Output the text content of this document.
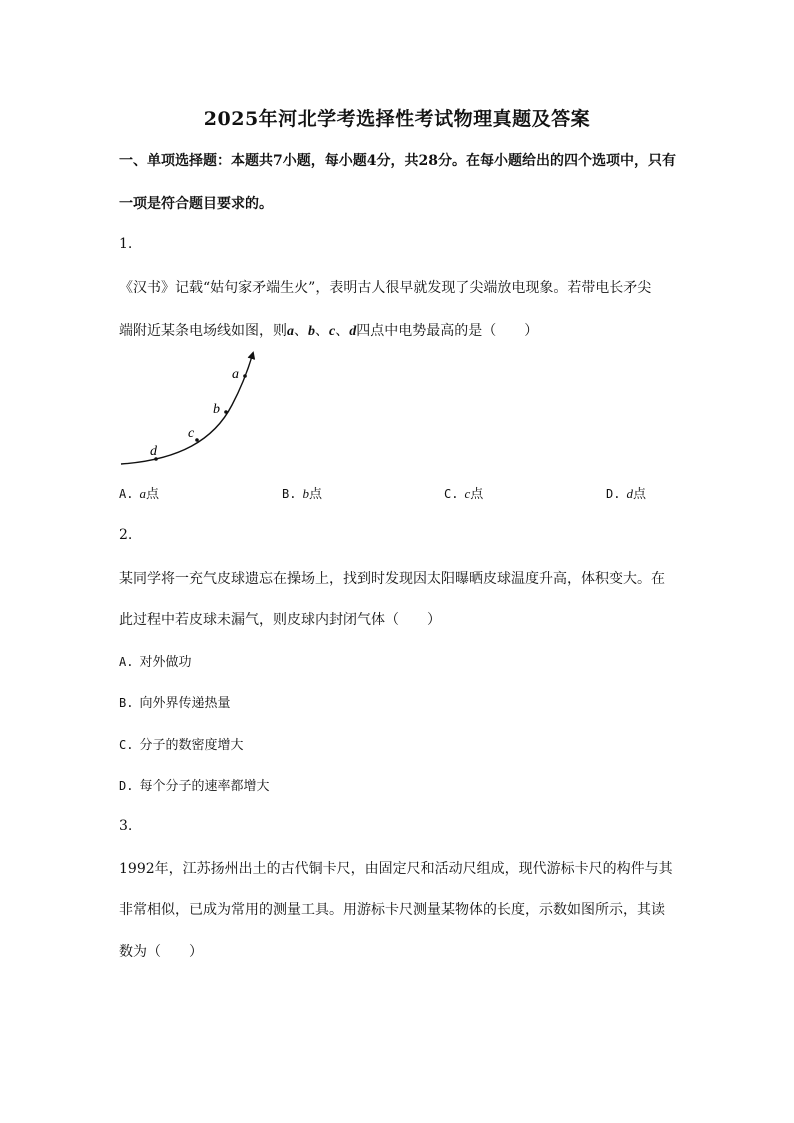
2025年河北学考选择性考试物理真题及答案
一、单项选择题：本题共7小题，每小题4分，共28分。在每小题给出的四个选项中，只有
一项是符合题目要求的。
1.
《汉书》记载“姑句家矛端生火”，表明古人很早就发现了尖端放电现象。若带电长矛尖
端附近某条电场线如图，则a、b、c、d四点中电势最高的是（　　）
a
b
c
d
A. a点	B. b点	C. c点	D. d点
2.
某同学将一充气皮球遗忘在操场上，找到时发现因太阳曝晒皮球温度升高，体积变大。在
此过程中若皮球未漏气，则皮球内封闭气体（　　）
A. 对外做功
B. 向外界传递热量
C. 分子的数密度增大
D. 每个分子的速率都增大
3.
1992年，江苏扬州出土的古代铜卡尺，由固定尺和活动尺组成，现代游标卡尺的构件与其
非常相似，已成为常用的测量工具。用游标卡尺测量某物体的长度，示数如图所示，其读
数为（　　）
